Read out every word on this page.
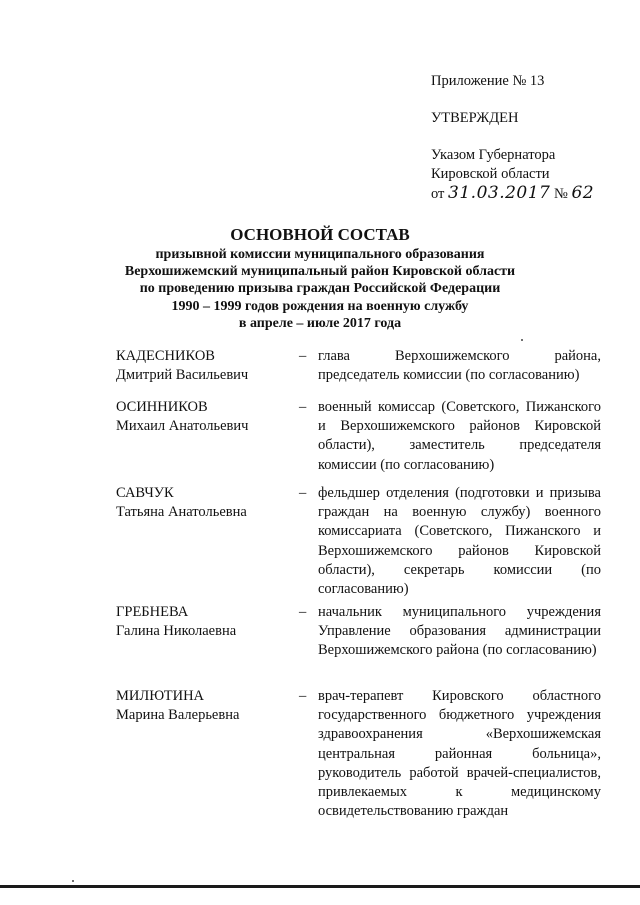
Приложение № 13
УТВЕРЖДЕН
Указом Губернатора
Кировской области
от 31.03.2017 № 62
ОСНОВНОЙ СОСТАВ
призывной комиссии муниципального образования
Верхошижемский муниципальный район Кировской области
по проведению призыва граждан Российской Федерации
1990 – 1999 годов рождения на военную службу
в апреле – июле 2017 года
КАДЕСНИКОВ
Дмитрий Васильевич
– глава Верхошижемского района, председатель комиссии (по согласованию)
ОСИННИКОВ
Михаил Анатольевич
– военный комиссар (Советского, Пижанского и Верхошижемского районов Кировской области), заместитель председателя комиссии (по согласованию)
САВЧУК
Татьяна Анатольевна
– фельдшер отделения (подготовки и призыва граждан на военную службу) военного комиссариата (Советского, Пижанского и Верхошижемского районов Кировской области), секретарь комиссии (по согласованию)
ГРЕБНЕВА
Галина Николаевна
– начальник муниципального учреждения Управление образования администрации Верхошижемского района (по согласованию)
МИЛЮТИНА
Марина Валерьевна
– врач-терапевт Кировского областного государственного бюджетного учреждения здравоохранения «Верхошижемская центральная районная больница», руководитель работой врачей-специалистов, привлекаемых к медицинскому освидетельствованию граждан
